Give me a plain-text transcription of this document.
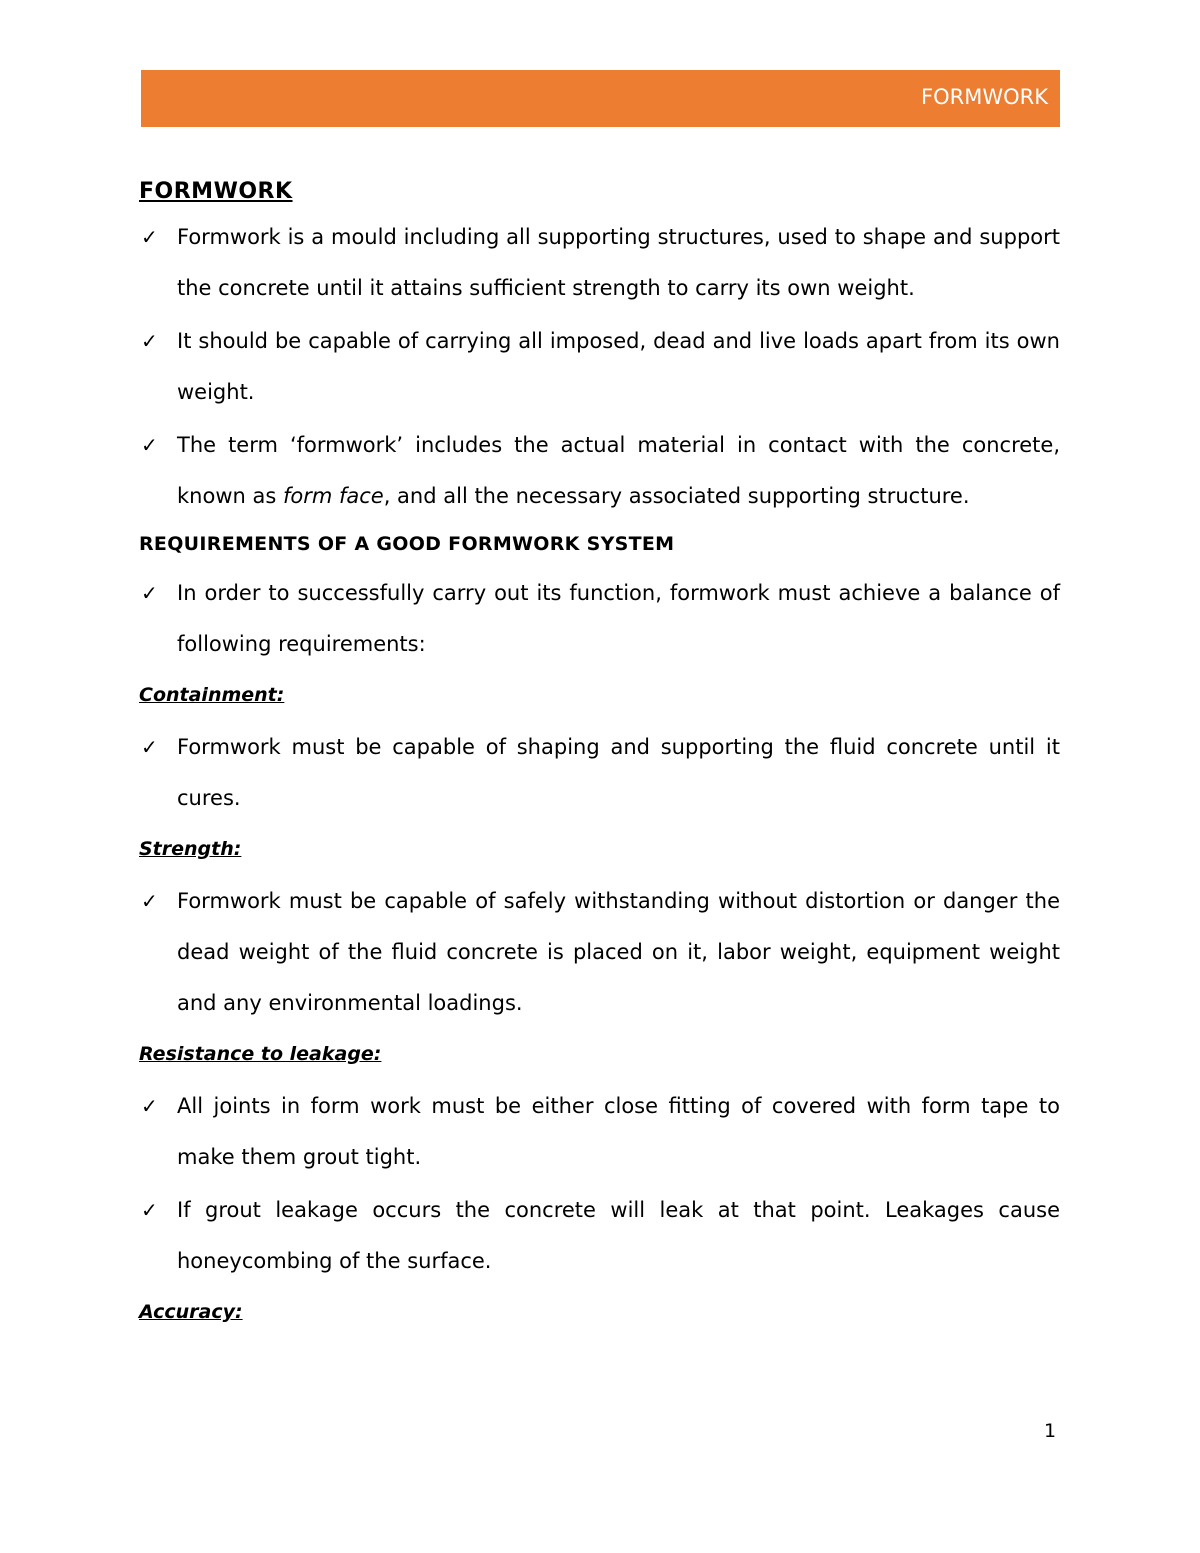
FORMWORK
FORMWORK
✓ Formwork is a mould including all supporting structures, used to shape and support the concrete until it attains sufficient strength to carry its own weight.
✓ It should be capable of carrying all imposed, dead and live loads apart from its own weight.
✓ The term ‘formwork’ includes the actual material in contact with the concrete, known as form face, and all the necessary associated supporting structure.
REQUIREMENTS OF A GOOD FORMWORK SYSTEM
✓ In order to successfully carry out its function, formwork must achieve a balance of following requirements:
Containment:
✓ Formwork must be capable of shaping and supporting the fluid concrete until it cures.
Strength:
✓ Formwork must be capable of safely withstanding without distortion or danger the dead weight of the fluid concrete is placed on it, labor weight, equipment weight and any environmental loadings.
Resistance to leakage:
✓ All joints in form work must be either close fitting of covered with form tape to make them grout tight.
✓ If grout leakage occurs the concrete will leak at that point. Leakages cause honeycombing of the surface.
Accuracy:
1
